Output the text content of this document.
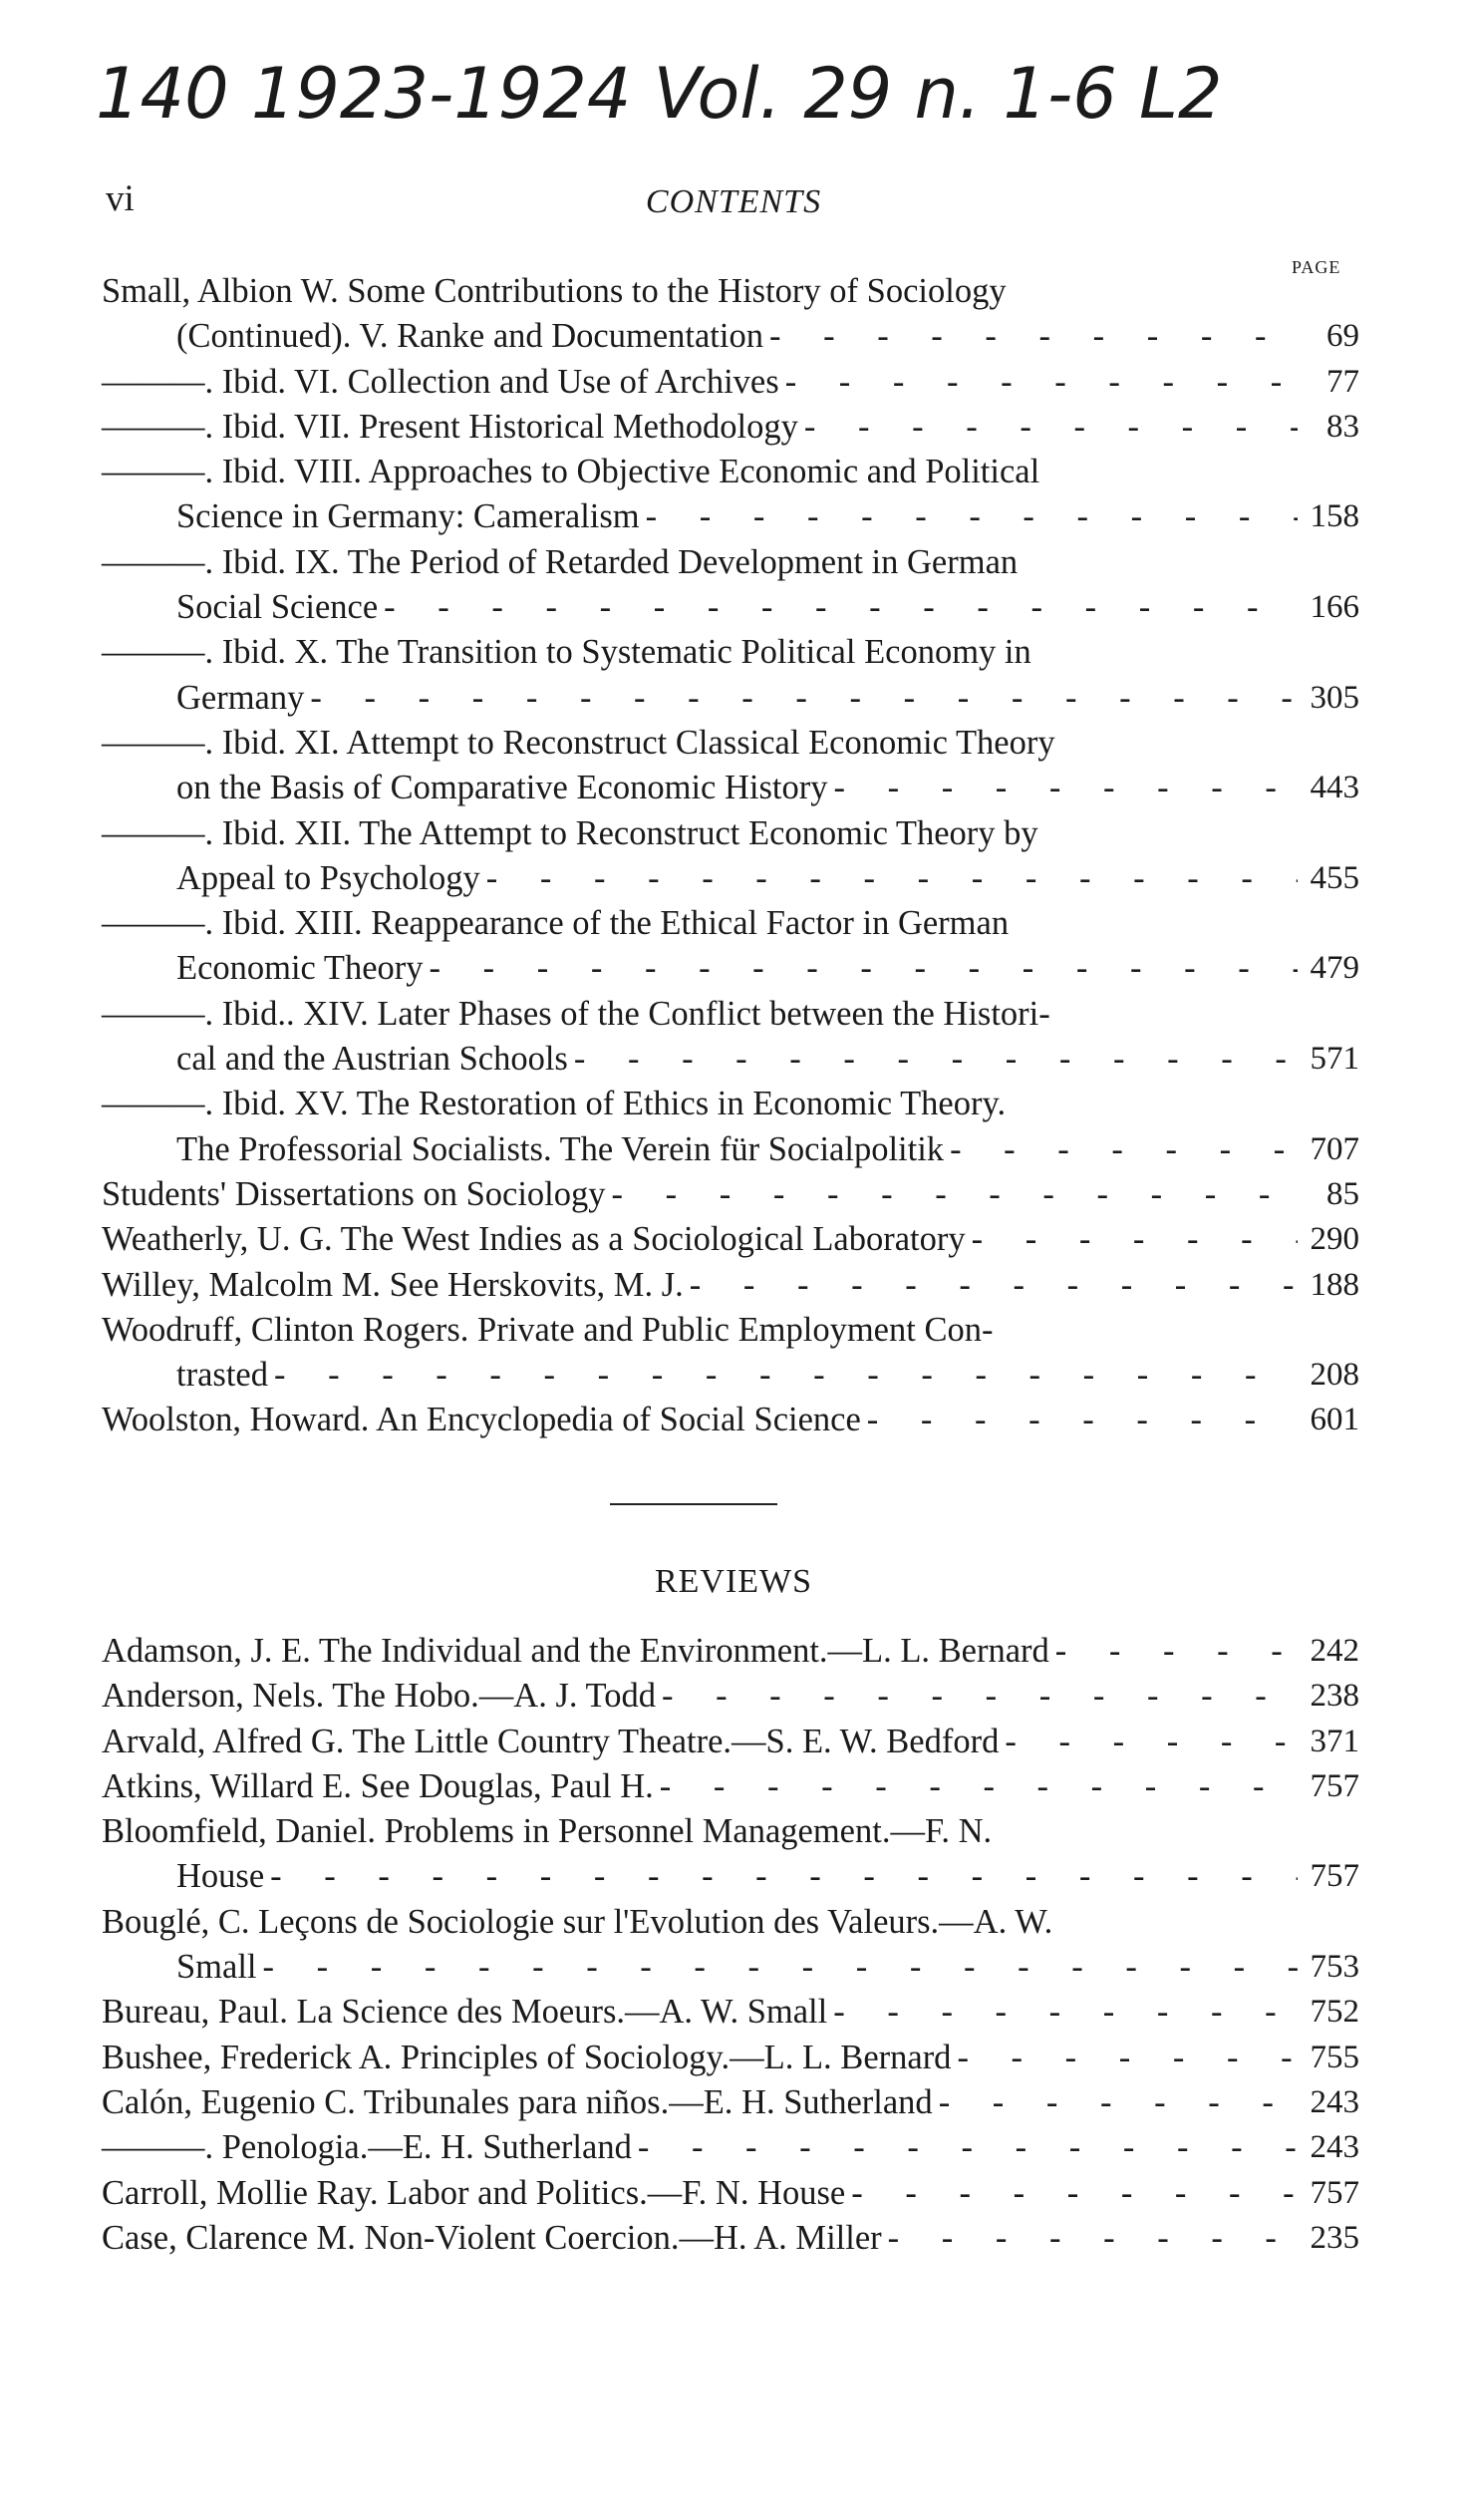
140 1923-1924 Vol. 29 n. 1-6 L2
vi	CONTENTS
PAGE
Small, Albion W. Some Contributions to the History of Sociology
(Continued). V. Ranke and Documentation - - -	69
———. Ibid. VI. Collection and Use of Archives - - -	77
———. Ibid. VII. Present Historical Methodology - - -	83
———. Ibid. VIII. Approaches to Objective Economic and Political
Science in Germany: Cameralism - - -	158
———. Ibid. IX. The Period of Retarded Development in German
Social Science - - -	166
———. Ibid. X. The Transition to Systematic Political Economy in
Germany - - -	305
———. Ibid. XI. Attempt to Reconstruct Classical Economic Theory
on the Basis of Comparative Economic History - - -	443
———. Ibid. XII. The Attempt to Reconstruct Economic Theory by
Appeal to Psychology - - -	455
———. Ibid. XIII. Reappearance of the Ethical Factor in German
Economic Theory - - -	479
———. Ibid.. XIV. Later Phases of the Conflict between the Histori-
cal and the Austrian Schools - - -	571
———. Ibid. XV. The Restoration of Ethics in Economic Theory.
The Professorial Socialists. The Verein für Socialpolitik - - -	707
Students' Dissertations on Sociology - - -	85
Weatherly, U. G. The West Indies as a Sociological Laboratory - - -	290
Willey, Malcolm M. See Herskovits, M. J. - - -	188
Woodruff, Clinton Rogers. Private and Public Employment Con-
trasted - - -	208
Woolston, Howard. An Encyclopedia of Social Science - - -	601
REVIEWS
Adamson, J. E. The Individual and the Environment.—L. L. Bernard - - -	242
Anderson, Nels. The Hobo.—A. J. Todd - - -	238
Arvald, Alfred G. The Little Country Theatre.—S. E. W. Bedford - - -	371
Atkins, Willard E. See Douglas, Paul H. - - -	757
Bloomfield, Daniel. Problems in Personnel Management.—F. N.
House - - -	757
Bouglé, C. Leçons de Sociologie sur l'Evolution des Valeurs.—A. W.
Small - - -	753
Bureau, Paul. La Science des Moeurs.—A. W. Small - - -	752
Bushee, Frederick A. Principles of Sociology.—L. L. Bernard - - -	755
Calón, Eugenio C. Tribunales para niños.—E. H. Sutherland - - -	243
———. Penologia.—E. H. Sutherland - - -	243
Carroll, Mollie Ray. Labor and Politics.—F. N. House - - -	757
Case, Clarence M. Non-Violent Coercion.—H. A. Miller - - -	235
